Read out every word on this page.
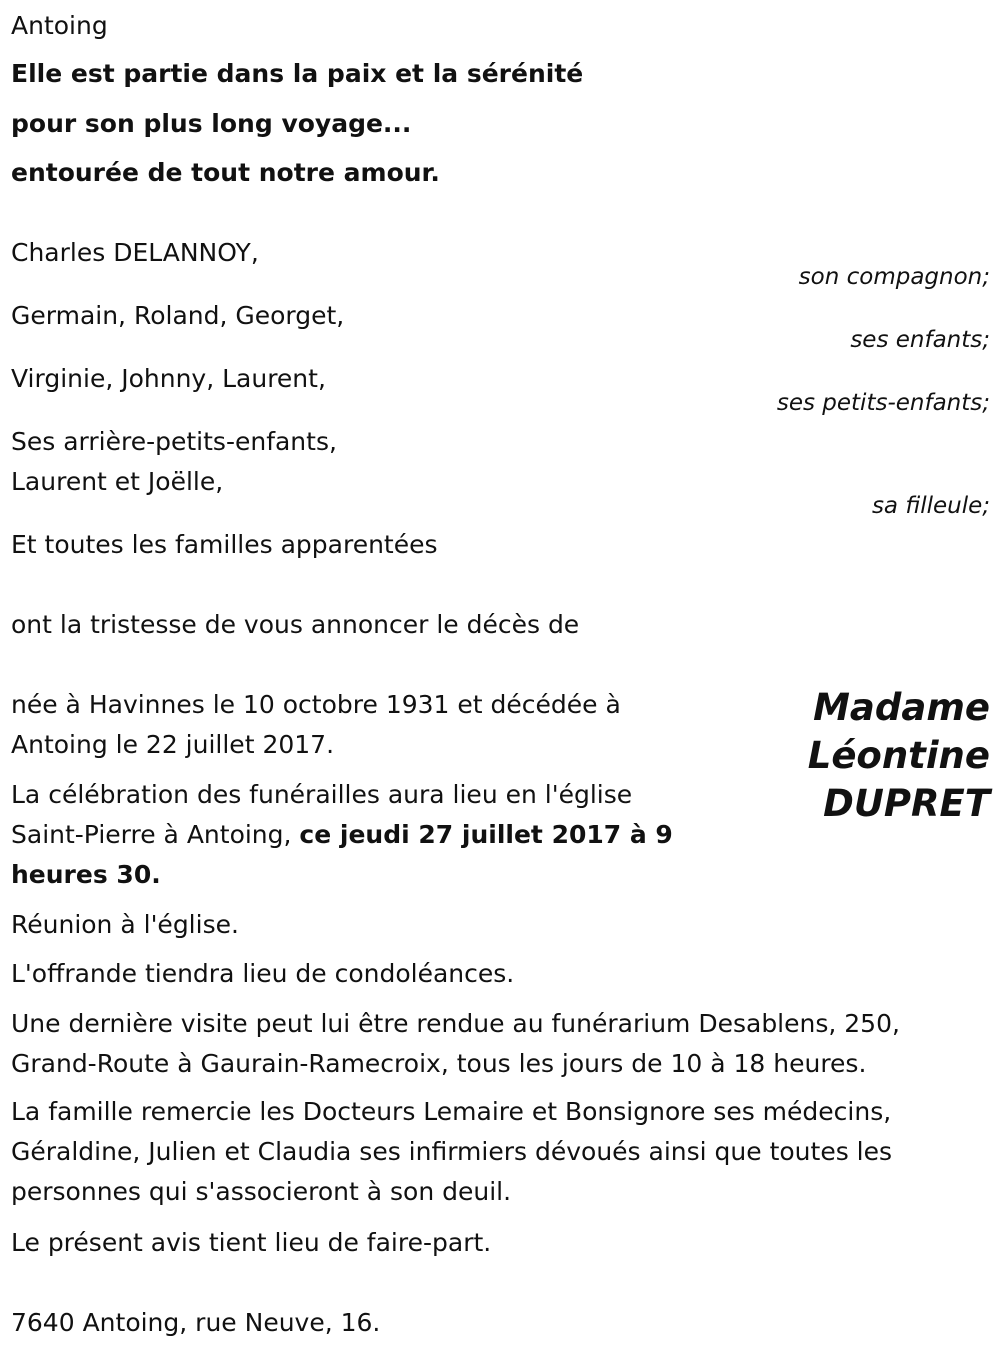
Antoing
Elle est partie dans la paix et la sérénité
pour son plus long voyage...
entourée de tout notre amour.
Charles DELANNOY,
son compagnon;
Germain, Roland, Georget,
ses enfants;
Virginie, Johnny, Laurent,
ses petits-enfants;
Ses arrière-petits-enfants,
Laurent et Joëlle,
sa filleule;
Et toutes les familles apparentées
ont la tristesse de vous annoncer le décès de
Madame
Léontine
DUPRET
née à Havinnes le 10 octobre 1931 et décédée à Antoing le 22 juillet 2017.
La célébration des funérailles aura lieu en l'église Saint-Pierre à Antoing, ce jeudi 27 juillet 2017 à 9 heures 30.
Réunion à l'église.
L'offrande tiendra lieu de condoléances.
Une dernière visite peut lui être rendue au funérarium Desablens, 250, Grand-Route à Gaurain-Ramecroix, tous les jours de 10 à 18 heures.
La famille remercie les Docteurs Lemaire et Bonsignore ses médecins, Géraldine, Julien et Claudia ses infirmiers dévoués ainsi que toutes les personnes qui s'associeront à son deuil.
Le présent avis tient lieu de faire-part.
7640 Antoing, rue Neuve, 16.
